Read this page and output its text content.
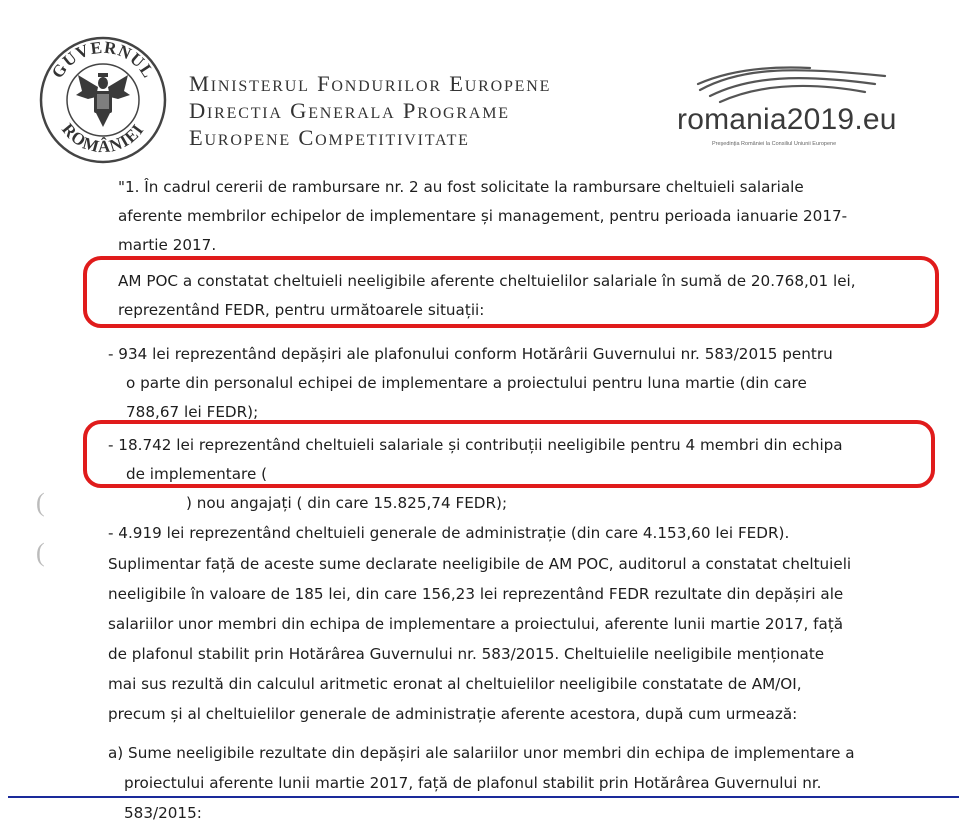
GUVERNUL
ROMÂNIEI
Ministerul Fondurilor Europene
Directia Generala Programe
Europene Competitivitate
romania2019.eu
Preşedinţia României la Consiliul Uniunii Europene
"1. În cadrul cererii de rambursare nr. 2 au fost solicitate la rambursare cheltuieli salariale
aferente membrilor echipelor de implementare și management, pentru perioada ianuarie 2017-
martie 2017.
AM POC a constatat cheltuieli neeligibile aferente cheltuielilor salariale în sumă de 20.768,01 lei,
reprezentând FEDR, pentru următoarele situații:
- 934 lei reprezentând depășiri ale plafonului conform Hotărârii Guvernului nr. 583/2015 pentru
o parte din personalul echipei de implementare a proiectului pentru luna martie (din care
788,67 lei FEDR);
- 18.742 lei reprezentând cheltuieli salariale și contribuții neeligibile pentru 4 membri din echipa
de implementare (
) nou angajați ( din care 15.825,74 FEDR);
(
(
- 4.919 lei reprezentând cheltuieli generale de administrație (din care 4.153,60 lei FEDR).
Suplimentar față de aceste sume declarate neeligibile de AM POC, auditorul a constatat cheltuieli
neeligibile în valoare de 185 lei, din care 156,23 lei reprezentând FEDR rezultate din depășiri ale
salariilor unor membri din echipa de implementare a proiectului, aferente lunii martie 2017, față
de plafonul stabilit prin Hotărârea Guvernului nr. 583/2015. Cheltuielile neeligibile menționate
mai sus rezultă din calculul aritmetic eronat al cheltuielilor neeligibile constatate de AM/OI,
precum și al cheltuielilor generale de administrație aferente acestora, după cum urmează:
a) Sume neeligibile rezultate din depășiri ale salariilor unor membri din echipa de implementare a
proiectului aferente lunii martie 2017, față de plafonul stabilit prin Hotărârea Guvernului nr.
583/2015:
